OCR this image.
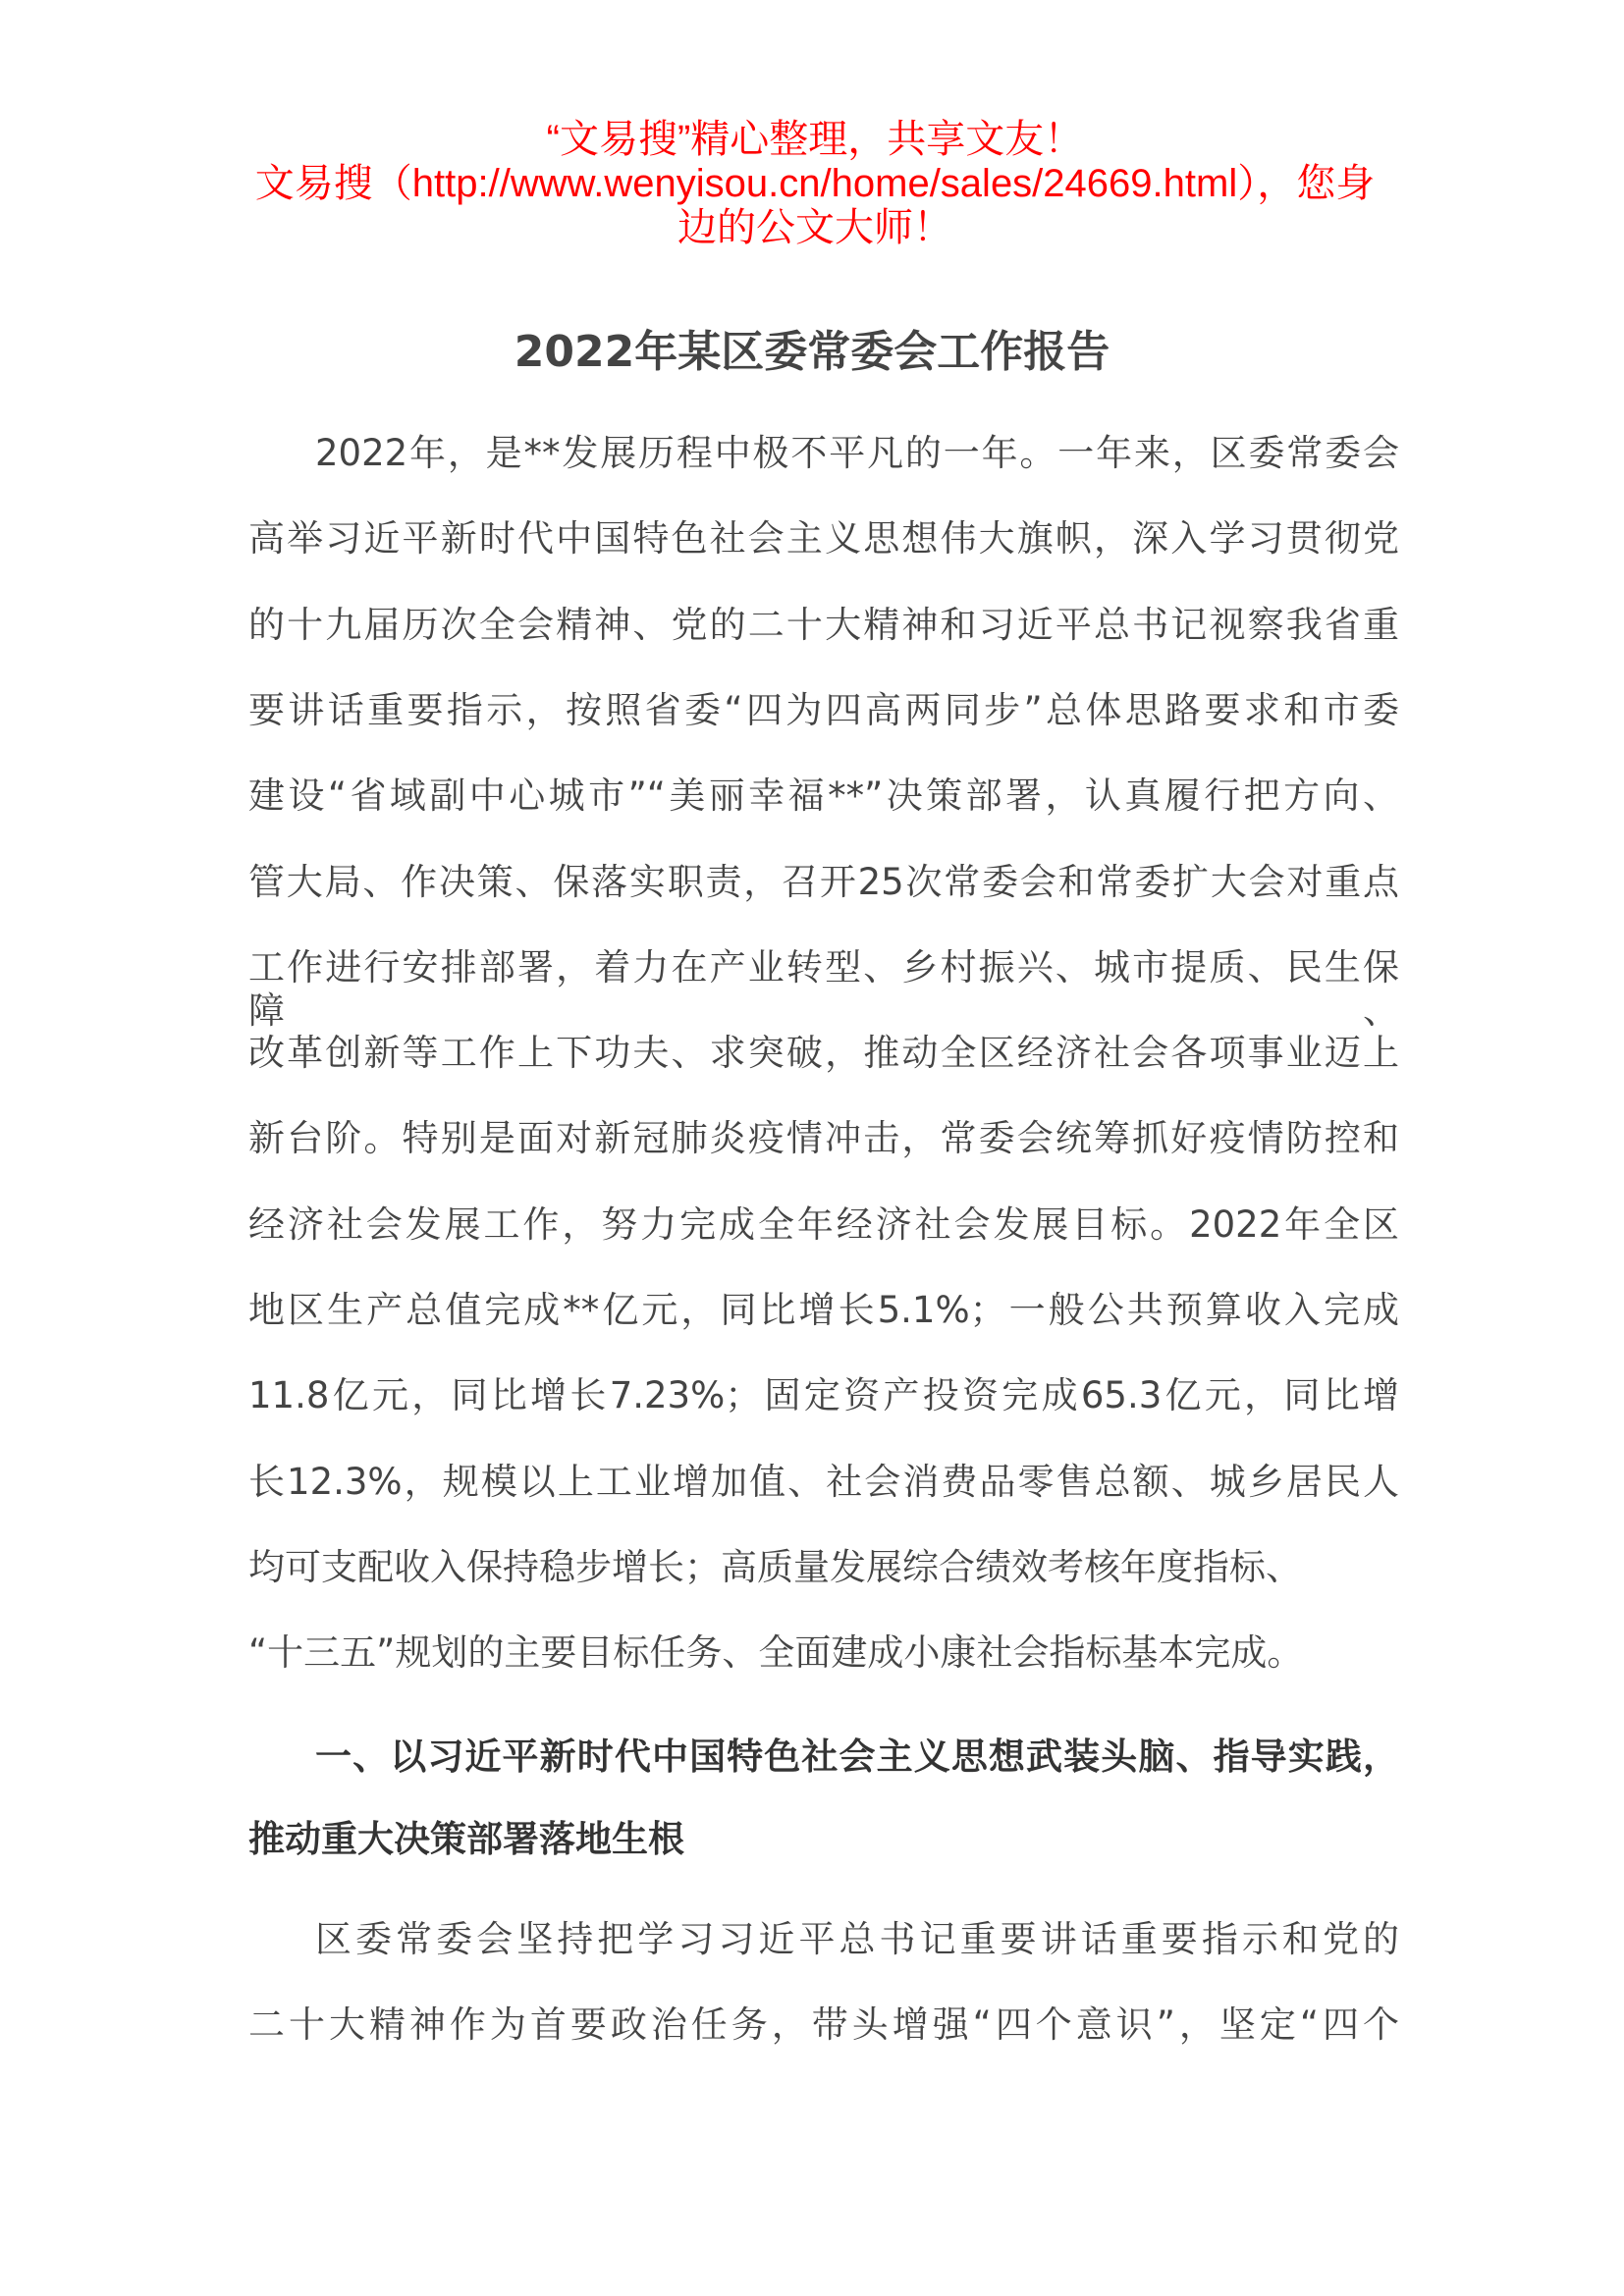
“文易搜”精心整理，共享文友！
文易搜（http://www.wenyisou.cn/home/sales/24669.html），您身
边的公文大师！
2022年某区委常委会工作报告
2022年，是**发展历程中极不平凡的一年。一年来，区委常委会
高举习近平新时代中国特色社会主义思想伟大旗帜，深入学习贯彻党
的十九届历次全会精神、党的二十大精神和习近平总书记视察我省重
要讲话重要指示，按照省委“四为四高两同步”总体思路要求和市委
建设“省域副中心城市”“美丽幸福**”决策部署，认真履行把方向、
管大局、作决策、保落实职责，召开25次常委会和常委扩大会对重点
工作进行安排部署，着力在产业转型、乡村振兴、城市提质、民生保障、
改革创新等工作上下功夫、求突破，推动全区经济社会各项事业迈上
新台阶。特别是面对新冠肺炎疫情冲击，常委会统筹抓好疫情防控和
经济社会发展工作，努力完成全年经济社会发展目标。2022年全区
地区生产总值完成**亿元，同比增长5.1%；一般公共预算收入完成
11.8亿元，同比增长7.23%；固定资产投资完成65.3亿元，同比增
长12.3%，规模以上工业增加值、社会消费品零售总额、城乡居民人
均可支配收入保持稳步增长；高质量发展综合绩效考核年度指标、
“十三五”规划的主要目标任务、全面建成小康社会指标基本完成。
一、以习近平新时代中国特色社会主义思想武装头脑、指导实践，
推动重大决策部署落地生根
区委常委会坚持把学习习近平总书记重要讲话重要指示和党的
二十大精神作为首要政治任务，带头增强“四个意识”，坚定“四个
